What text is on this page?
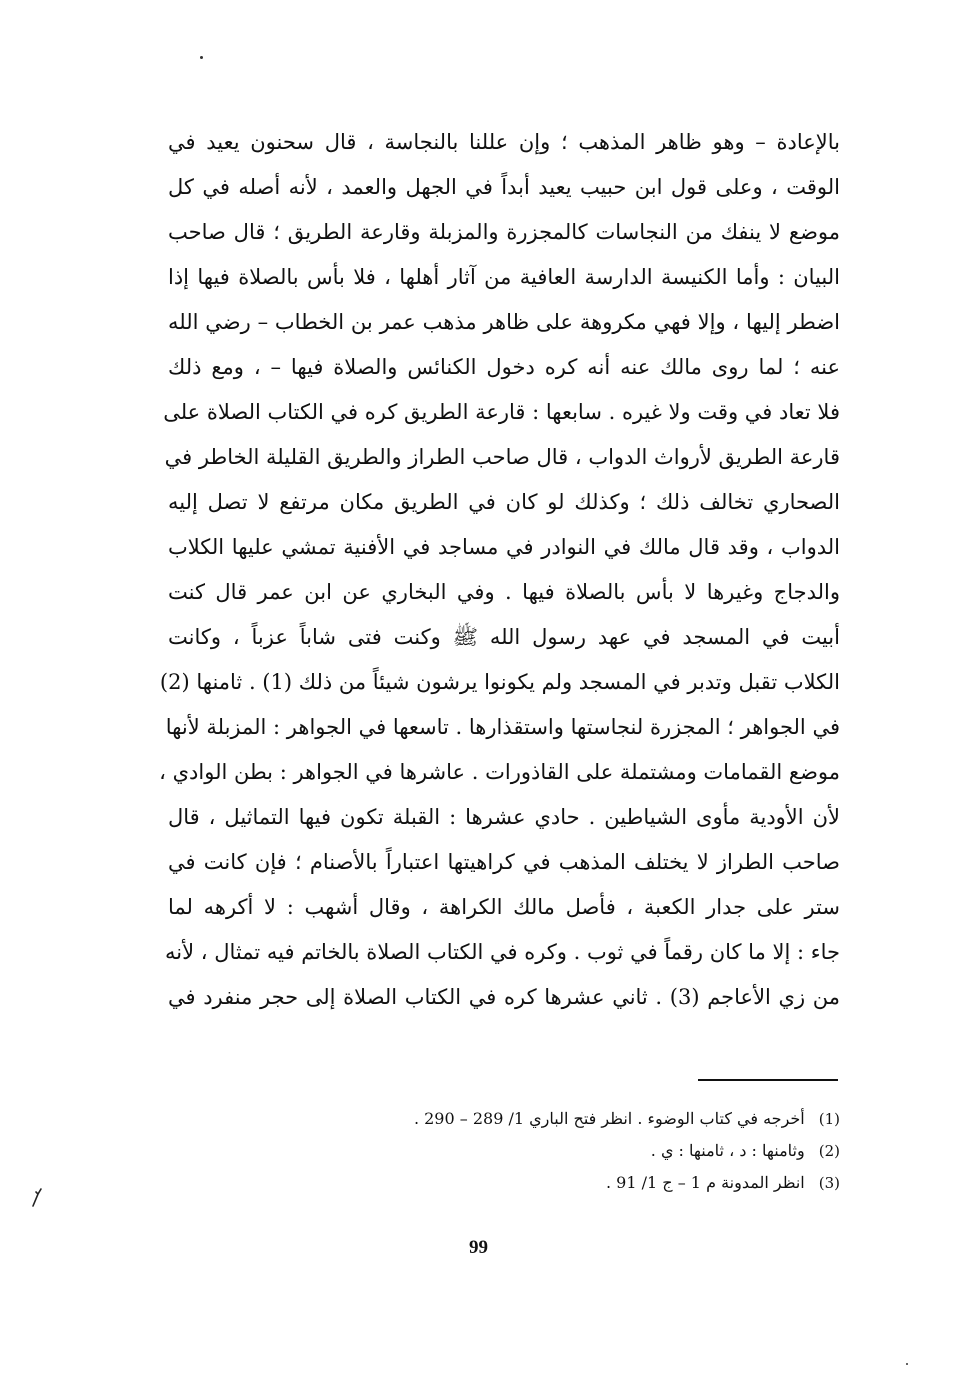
بالإعادة – وهو ظاهر المذهب ؛ وإن عللنا بالنجاسة ، قال سحنون يعيد في
الوقت ، وعلى قول ابن حبيب يعيد أبداً في الجهل والعمد ، لأنه أصله في كل
موضع لا ينفك من النجاسات كالمجزرة والمزبلة وقارعة الطريق ؛ قال صاحب
البيان : وأما الكنيسة الدارسة العافية من آثار أهلها ، فلا بأس بالصلاة فيها إذا
اضطر إليها ، وإلا فهي مكروهة على ظاهر مذهب عمر بن الخطاب – رضي الله
عنه ؛ لما روى مالك عنه أنه كره دخول الكنائس والصلاة فيها – ، ومع ذلك
فلا تعاد في وقت ولا غيره . سابعها : قارعة الطريق كره في الكتاب الصلاة على
قارعة الطريق لأرواث الدواب ، قال صاحب الطراز والطريق القليلة الخاطر في
الصحاري تخالف ذلك ؛ وكذلك لو كان في الطريق مكان مرتفع لا تصل إليه
الدواب ، وقد قال مالك في النوادر في مساجد في الأفنية تمشي عليها الكلاب
والدجاج وغيرها لا بأس بالصلاة فيها . وفي البخاري عن ابن عمر قال كنت
أبيت في المسجد في عهد رسول الله ﷺ وكنت فتى شاباً عزباً ، وكانت
الكلاب تقبل وتدبر في المسجد ولم يكونوا يرشون شيئاً من ذلك (1) . ثامنها (2)
في الجواهر ؛ المجزرة لنجاستها واستقذارها . تاسعها في الجواهر : المزبلة لأنها
موضع القمامات ومشتملة على القاذورات . عاشرها في الجواهر : بطن الوادي ،
لأن الأودية مأوى الشياطين . حادي عشرها : القبلة تكون فيها التماثيل ، قال
صاحب الطراز لا يختلف المذهب في كراهيتها اعتباراً بالأصنام ؛ فإن كانت في
ستر على جدار الكعبة ، فأصل مالك الكراهة ، وقال أشهب : لا أكرهه لما
جاء : إلا ما كان رقماً في ثوب . وكره في الكتاب الصلاة بالخاتم فيه تمثال ، لأنه
من زي الأعاجم (3) . ثاني عشرها كره في الكتاب الصلاة إلى حجر منفرد في
(1)
أخرجه في كتاب الوضوء . انظر فتح الباري 1/ 289 – 290 .
(2)
وثامنها : د ، ثامنها : ي .
(3)
انظر المدونة م 1 – ج 1/ 91 .
99
